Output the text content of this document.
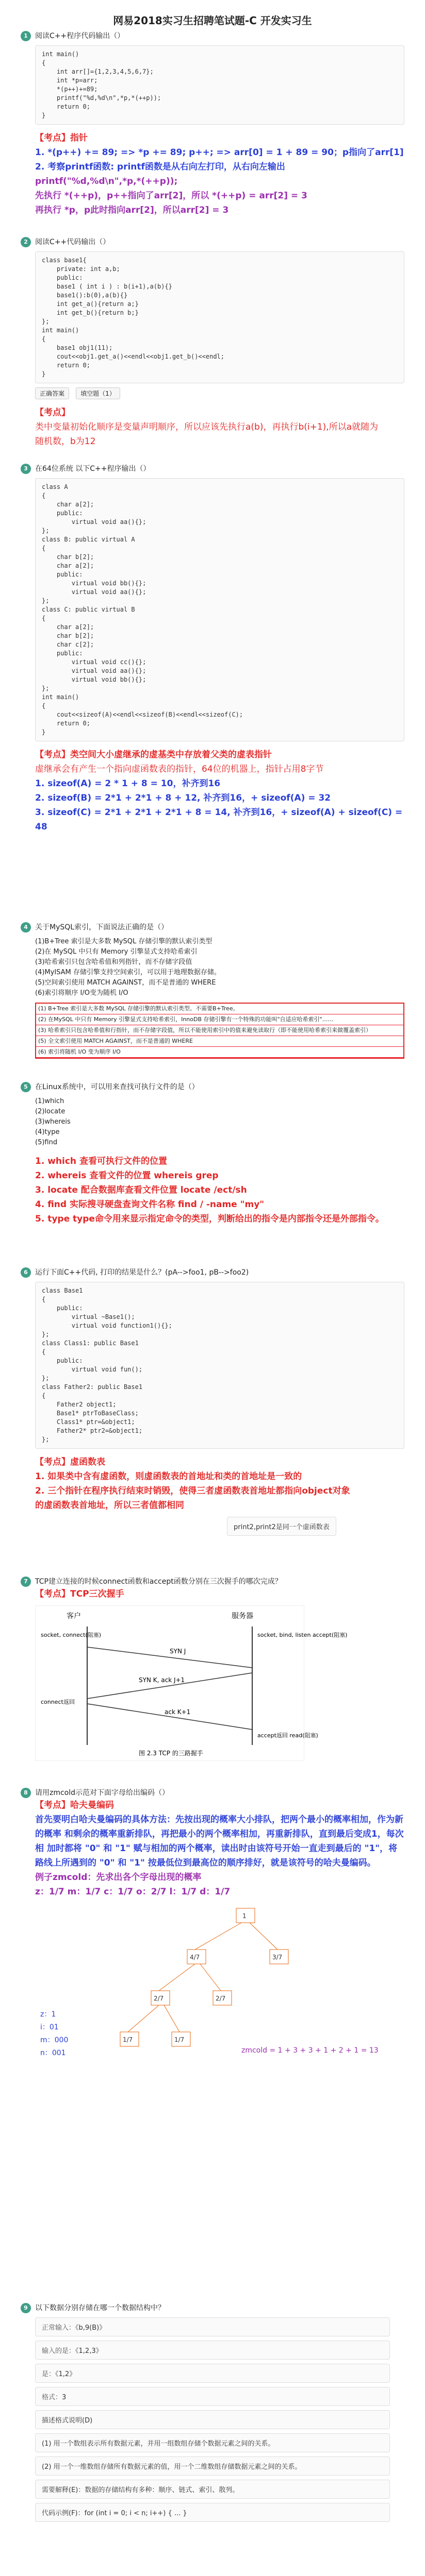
网易2018实习生招聘笔试题-C 开发实习生
1	阅读C++程序代码输出（）
int main()
{
int arr[]={1,2,3,4,5,6,7};
int *p=arr;
*(p++)+=89;
printf("%d,%d\n",*p,*(++p));
return 0;
}

【考点】指针

1. *(p++) += 89; => *p += 89; p++; => arr[0] = 1 + 89 = 90；p指向了arr[1]

2. 考察printf函数: printf函数是从右向左打印，从右向左输出

printf("%d,%d\n",*p,*(++p));

先执行 *(++p)，p++指向了arr[2]，所以 *(++p) = arr[2] = 3

再执行 *p，p此时指向arr[2]，所以arr[2] = 3

2	阅读C++代码输出（）
class base1{
private: int a,b;
public:
base1 ( int i ) : b(i+1),a(b){}
base1():b(0),a(b){}
int get_a(){return a;}
int get_b(){return b;}
};
int main()
{
base1 obj1(11);
cout<<obj1.get_a()<<endl<<obj1.get_b()<<endl;
return 0;
}
正确答案	填空题（1）

【考点】

类中变量初始化顺序是变量声明顺序，所以应该先执行a(b)，再执行b(i+1),所以a就随为

随机数，b为12

3	在64位系统 以下C++程序输出（）
class A
{
char a[2];
public:
virtual void aa(){};
};
class B: public virtual A
{
char b[2];
char a[2];
public:
virtual void bb(){};
virtual void aa(){};
};
class C: public virtual B
{
char a[2];
char b[2];
char c[2];
public:
virtual void cc(){};
virtual void aa(){};
virtual void bb(){};
};
int main()
{
cout<<sizeof(A)<<endl<<sizeof(B)<<endl<<sizeof(C);
return 0;
}

【考点】类空间大小虚继承的虚基类中存放着父类的虚表指针

虚继承会有产生一个指向虚函数表的指针，64位的机器上，指针占用8字节

1. sizeof(A) = 2 * 1 + 8 = 10，补齐到16

2. sizeof(B) = 2*1 + 2*1 + 8 + 12, 补齐到16，+ sizeof(A) = 32

3. sizeof(C) = 2*1 + 2*1 + 2*1 + 8 = 14, 补齐到16，+ sizeof(A) + sizeof(C) = 48

4	关于MySQL索引，下面说法正确的是（）
(1)B+Tree 索引是大多数 MySQL 存储引擎的默认索引类型
(2)在 MySQL 中只有 Memory 引擎显式支持哈希索引
(3)哈希索引只包含哈希值和列指针，而不存储字段值
(4)MyISAM 存储引擎支持空间索引，可以用于地理数据存储。
(5)空间索引使用 MATCH AGAINST，而不是普通的 WHERE
(6)索引将顺序 I/O变为随机 I/O
(1) B+Tree 索引是大多数 MySQL 存储引擎的默认索引类型。不需要B+Tree。
(2) 在MySQL 中只有 Memory 引擎显式支持哈希索引，InnoDB 存储引擎有一个特殊的功能叫"自适应哈希索引"……
(3) 哈希索引只包含哈希值和行指针，而不存储字段值，所以不能使用索引中的值来避免读取行（即不能使用哈希索引来做覆盖索引）
(5) 全文索引使用 MATCH AGAINST，而不是普通的 WHERE
(6) 索引将随机 I/O 变为顺序 I/O
5	在Linux系统中，可以用来查找可执行文件的是（）
(1)which
(2)locate
(3)whereis
(4)type
(5)find

1. which 查看可执行文件的位置

2. whereis 查看文件的位置 whereis grep

3. locate 配合数据库查看文件位置 locate /ect/sh

4. find 实际搜寻硬盘查询文件名称 find / -name "my"

5. type type命令用来显示指定命令的类型，判断给出的指令是内部指令还是外部指令。

6	运行下面C++代码, 打印的结果是什么？(pA-->foo1, pB-->foo2)
class Base1
{
public:
virtual ~Base1();
virtual void function1(){};
};
class Class1: public Base1
{
public:
virtual void fun();
};
class Father2: public Base1
{
Father2 object1;
Base1* ptrToBaseClass;
Class1* ptr=&object1;
Father2* ptr2=&object1;
};

【考点】虚函数表

1. 如果类中含有虚函数，则虚函数表的首地址和类的首地址是一致的

2. 三个指针在程序执行结束时销毁，使得三者虚函数表首地址都指向object对象

的虚函数表首地址，所以三者值都相同

print2,print2是同一个虚函数表
7	TCP建立连接的时候connect函数和accept函数分别在三次握手的哪次完成？

【考点】TCP三次握手

客户	服务器
socket, connect(阻塞)	socket, bind, listen accept(阻塞)
SYN J
SYN K, ack J+1
connect返回
ack K+1
accept返回 read(阻塞)
图 2.3 TCP 的三路握手
8	请用zmcold示范对下面字母给出编码（）

【考点】哈夫曼编码

首先要明白哈夫曼编码的具体方法：先按出现的概率大小排队，把两个最小的概率相加，作为新

的概率 和剩余的概率重新排队，再把最小的两个概率相加，再重新排队，直到最后变成1，每次

相 加时都将 "0" 和 "1" 赋与相加的两个概率，读出时由该符号开始一直走到最后的 "1"，将

路线上所遇到的 "0" 和 "1" 按最低位到最高位的顺序排好，就是该符号的哈夫曼编码。

例子zmcold：先求出各个字母出现的概率

z：1/7 m：1/7 c：1/7 o：2/7 l：1/7 d：1/7

1
4/7	3/7
2/7	2/7
1/7	1/7
z：1
i：01
m：000
n：001	zmcold = 1 + 3 + 3 + 1 + 2 + 1 = 13
9	以下数据分别存储在哪一个数据结构中？
正常输入：《b,9(B)》
输入的是：《1,2,3》
是：《1,2》
格式：3
描述格式说明(D)
(1) 用一个数组表示所有数据元素，并用一组数组存储个数据元素之间的关系。
(2) 用一个一维数组存储所有数据元素的值，用一个二维数组存储数据元素之间的关系。
需要解释(E)：数据的存储结构有多种：顺序、链式、索引、散列。
代码示例(F)：for (int i = 0; i < n; i++) { ... }
